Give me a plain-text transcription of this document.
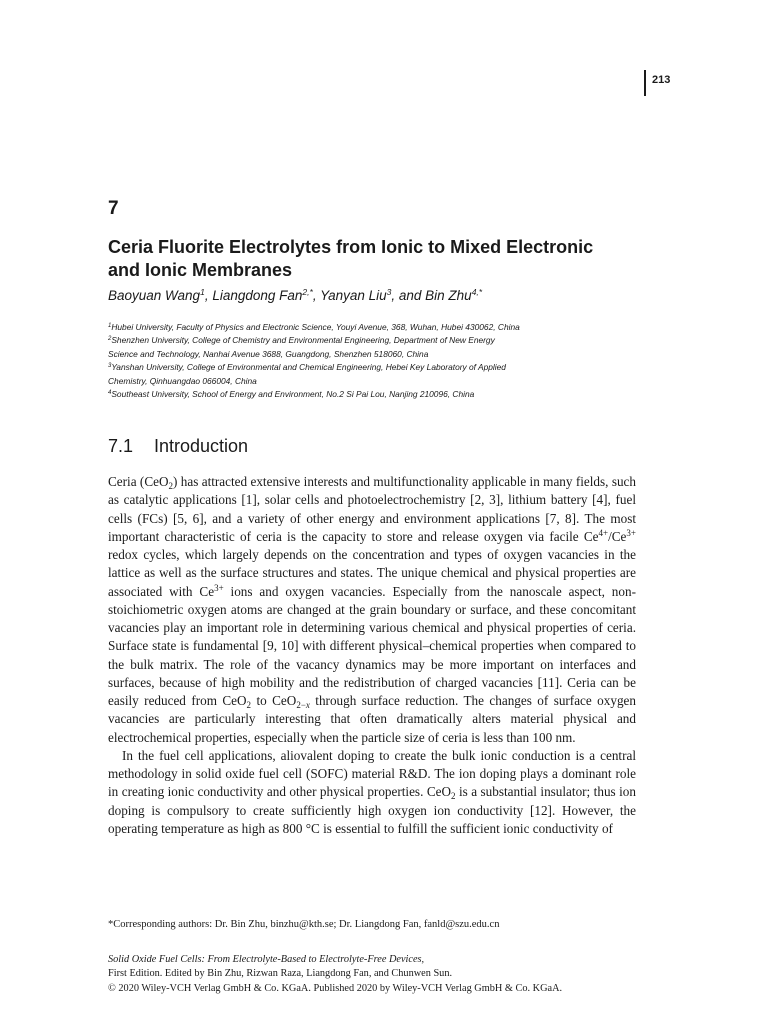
213
7
Ceria Fluorite Electrolytes from Ionic to Mixed Electronic
and Ionic Membranes
Baoyuan Wang$^1$, Liangdong Fan$^{2,*}$, Yanyan Liu$^3$, and Bin Zhu$^{4,*}$
$^1$Hubei University, Faculty of Physics and Electronic Science, Youyi Avenue, 368, Wuhan, Hubei 430062, China
$^2$Shenzhen University, College of Chemistry and Environmental Engineering, Department of New Energy
Science and Technology, Nanhai Avenue 3688, Guangdong, Shenzhen 518060, China
$^3$Yanshan University, College of Environmental and Chemical Engineering, Hebei Key Laboratory of Applied
Chemistry, Qinhuangdao 066004, China
$^4$Southeast University, School of Energy and Environment, No.2 Si Pai Lou, Nanjing 210096, China
7.1 Introduction

Ceria (CeO$_2$) has attracted extensive interests and multifunctionality applicable in many fields, such as catalytic applications [1], solar cells and photoelectrochemistry [2, 3], lithium battery [4], fuel cells (FCs) [5, 6], and a variety of other energy and environment applications [7, 8]. The most important characteristic of ceria is the capacity to store and release oxygen via facile $Ce^{4+}/Ce^{3+}$ redox cycles, which largely depends on the concentration and types of oxygen vacancies in the lattice as well as the surface structures and states. The unique chemical and physical properties are associated with $Ce^{3+}$ ions and oxygen vacancies. Especially from the nanoscale aspect, non-stoichiometric oxygen atoms are changed at the grain boundary or surface, and these concomitant vacancies play an important role in determining various chemical and physical properties of ceria. Surface state is fundamental [9, 10] with different physical–chemical properties when compared to the bulk matrix. The role of the vacancy dynamics may be more important on interfaces and surfaces, because of high mobility and the redistribution of charged vacancies [11]. Ceria can be easily reduced from CeO$_2$ to CeO$_{2-x}$ through surface reduction. The changes of surface oxygen vacancies are particularly interesting that often dramatically alters material physical and electrochemical properties, especially when the particle size of ceria is less than 100 nm.

In the fuel cell applications, aliovalent doping to create the bulk ionic conduction is a central methodology in solid oxide fuel cell (SOFC) material R&D. The ion doping plays a dominant role in creating ionic conductivity and other physical properties. CeO$_2$ is a substantial insulator; thus ion doping is compulsory to create sufficiently high oxygen ion conductivity [12]. However, the operating temperature as high as 800 °C is essential to fulfill the sufficient ionic conductivity of

*Corresponding authors: Dr. Bin Zhu, binzhu@kth.se; Dr. Liangdong Fan, fanld@szu.edu.cn
Solid Oxide Fuel Cells: From Electrolyte-Based to Electrolyte-Free Devices,
First Edition. Edited by Bin Zhu, Rizwan Raza, Liangdong Fan, and Chunwen Sun.
© 2020 Wiley-VCH Verlag GmbH & Co. KGaA. Published 2020 by Wiley-VCH Verlag GmbH & Co. KGaA.
